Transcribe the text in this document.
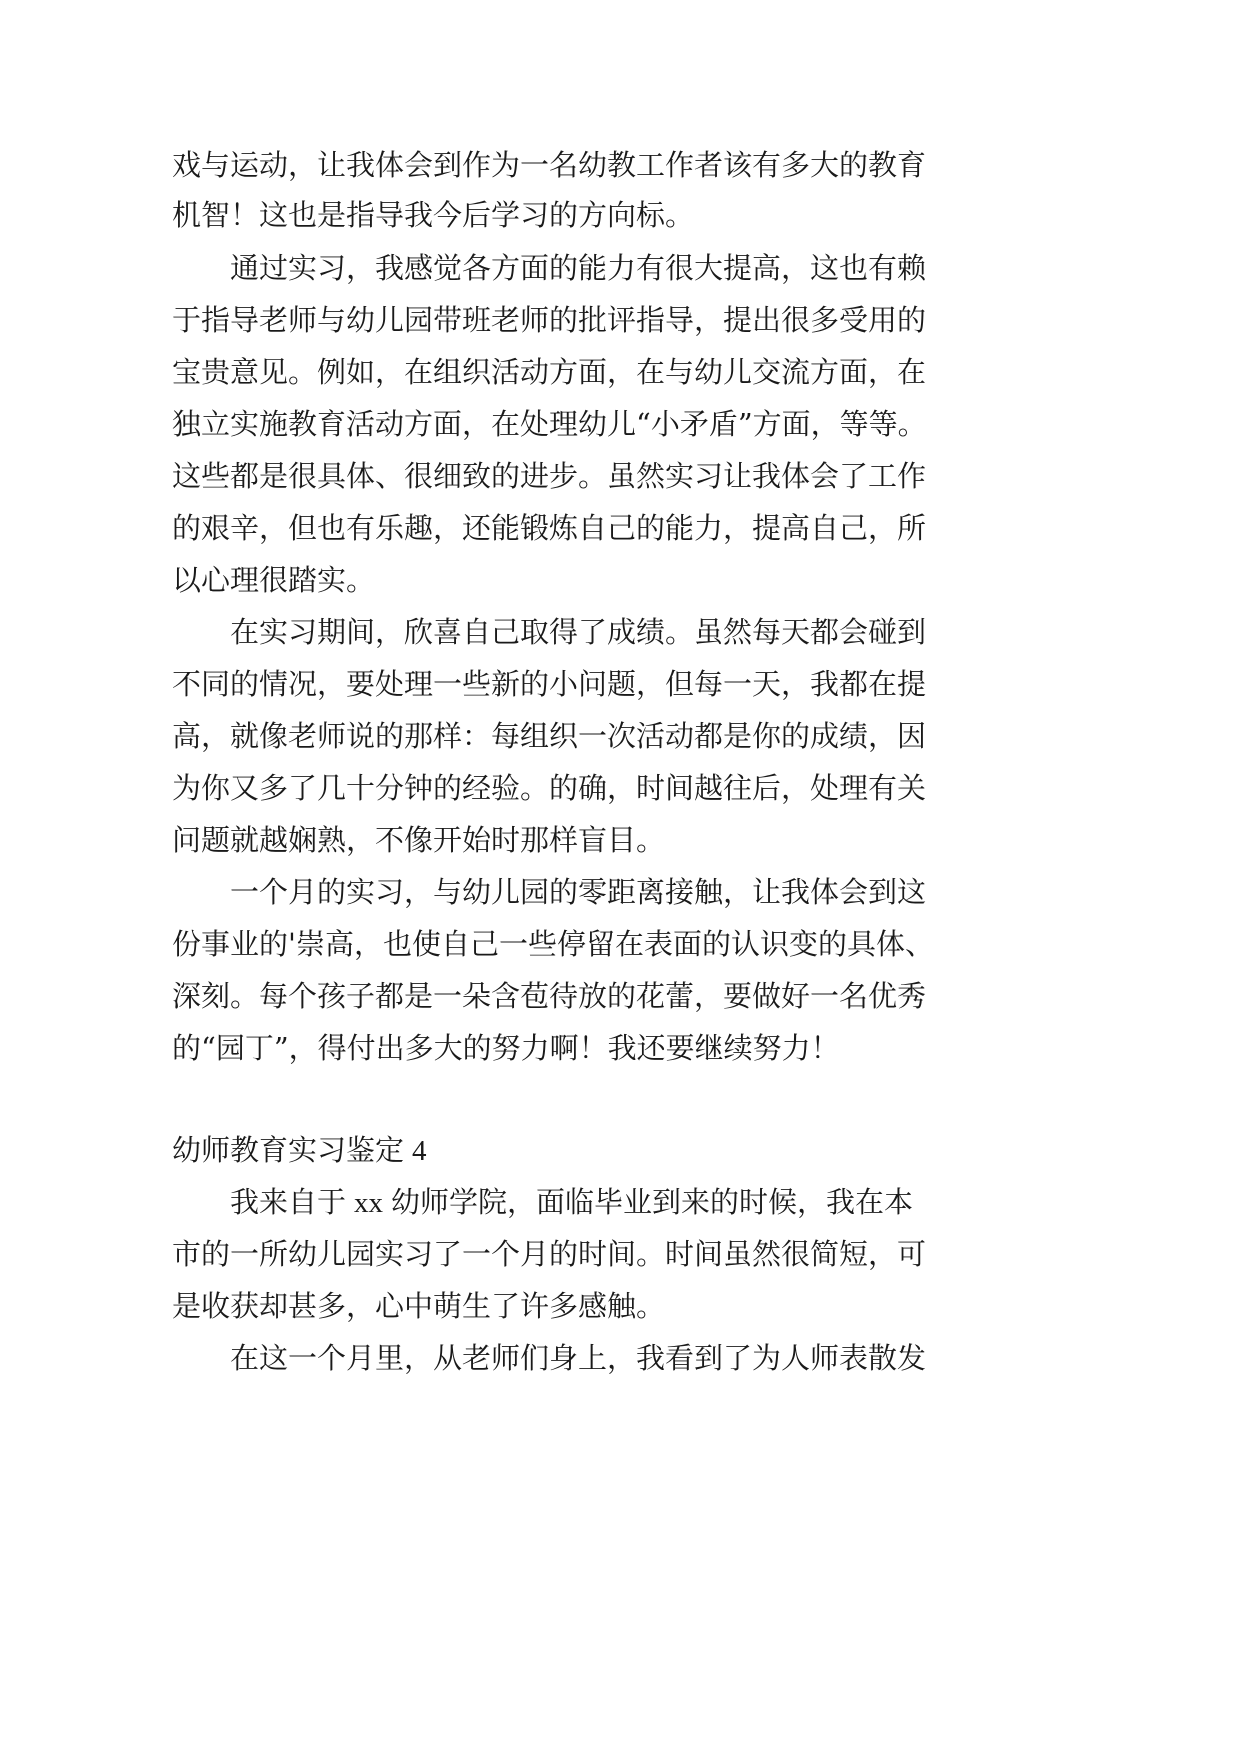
戏与运动，让我体会到作为一名幼教工作者该有多大的教育
机智！这也是指导我今后学习的方向标。
通过实习，我感觉各方面的能力有很大提高，这也有赖
于指导老师与幼儿园带班老师的批评指导，提出很多受用的
宝贵意见。例如，在组织活动方面，在与幼儿交流方面，在
独立实施教育活动方面，在处理幼儿“小矛盾”方面，等等。
这些都是很具体、很细致的进步。虽然实习让我体会了工作
的艰辛，但也有乐趣，还能锻炼自己的能力，提高自己，所
以心理很踏实。
在实习期间，欣喜自己取得了成绩。虽然每天都会碰到
不同的情况，要处理一些新的小问题，但每一天，我都在提
高，就像老师说的那样：每组织一次活动都是你的成绩，因
为你又多了几十分钟的经验。的确，时间越往后，处理有关
问题就越娴熟，不像开始时那样盲目。
一个月的实习，与幼儿园的零距离接触，让我体会到这
份事业的'崇高，也使自己一些停留在表面的认识变的具体、
深刻。每个孩子都是一朵含苞待放的花蕾，要做好一名优秀
的“园丁”，得付出多大的努力啊！我还要继续努力！
幼师教育实习鉴定 4
我来自于 xx 幼师学院，面临毕业到来的时候，我在本
市的一所幼儿园实习了一个月的时间。时间虽然很简短，可
是收获却甚多，心中萌生了许多感触。
在这一个月里，从老师们身上，我看到了为人师表散发
